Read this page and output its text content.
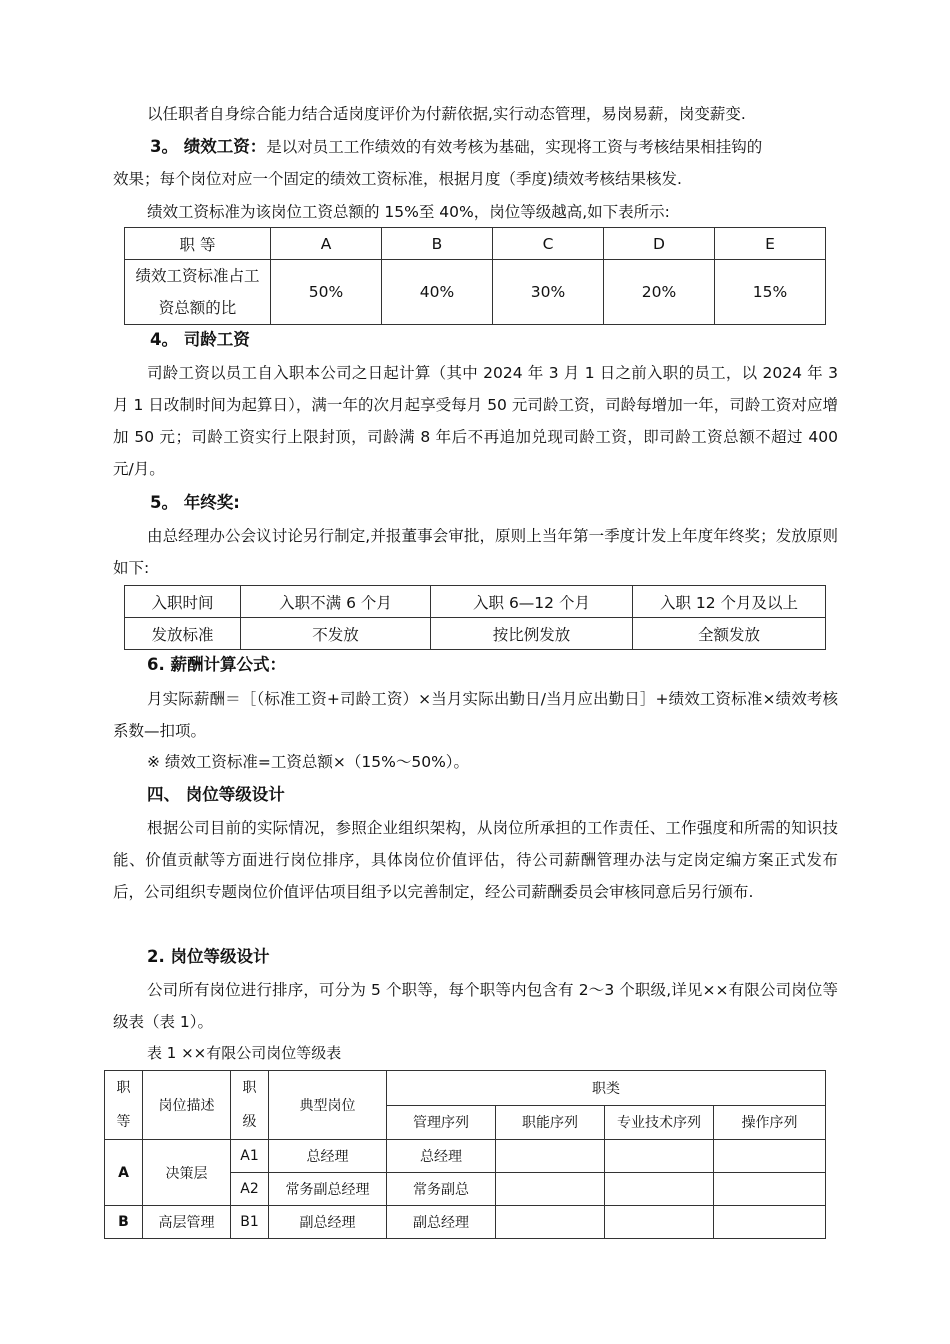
以任职者自身综合能力结合适岗度评价为付薪依据,实行动态管理，易岗易薪，岗变薪变.
3。 绩效工资：是以对员工工作绩效的有效考核为基础，实现将工资与考核结果相挂钩的
效果；每个岗位对应一个固定的绩效工资标准，根据月度（季度)绩效考核结果核发.
绩效工资标准为该岗位工资总额的 15%至 40%，岗位等级越高,如下表所示:
职 等	A	B	C	D	E
绩效工资标准占工资总额的比	50%	40%	30%	20%	15%
4。 司龄工资
司龄工资以员工自入职本公司之日起计算（其中 2024 年 3 月 1 日之前入职的员工，以 2024 年 3 月 1 日改制时间为起算日），满一年的次月起享受每月 50 元司龄工资，司龄每增加一年，司龄工资对应增加 50 元；司龄工资实行上限封顶，司龄满 8 年后不再追加兑现司龄工资，即司龄工资总额不超过 400 元/月。
5。 年终奖:
由总经理办公会议讨论另行制定,并报董事会审批，原则上当年第一季度计发上年度年终奖；发放原则如下:
入职时间	入职不满 6 个月	入职 6—12 个月	入职 12 个月及以上
发放标准	不发放	按比例发放	全额发放
6. 薪酬计算公式：
月实际薪酬＝［（标准工资+司龄工资）×当月实际出勤日/当月应出勤日］+绩效工资标准×绩效考核系数—扣项。
※ 绩效工资标准=工资总额×（15%～50%）。
四、 岗位等级设计
根据公司目前的实际情况，参照企业组织架构，从岗位所承担的工作责任、工作强度和所需的知识技能、价值贡献等方面进行岗位排序，具体岗位价值评估，待公司薪酬管理办法与定岗定编方案正式发布后，公司组织专题岗位价值评估项目组予以完善制定，经公司薪酬委员会审核同意后另行颁布.
2. 岗位等级设计
公司所有岗位进行排序，可分为 5 个职等，每个职等内包含有 2～3 个职级,详见××有限公司岗位等级表（表 1）。
表 1 ××有限公司岗位等级表
职等	岗位描述	职级	典型岗位	职类			
				管理序列	职能序列	专业技术序列	操作序列
A	决策层	A1	总经理	总经理			
		A2	常务副总经理	常务副总			
B	高层管理	B1	副总经理	副总经理			
